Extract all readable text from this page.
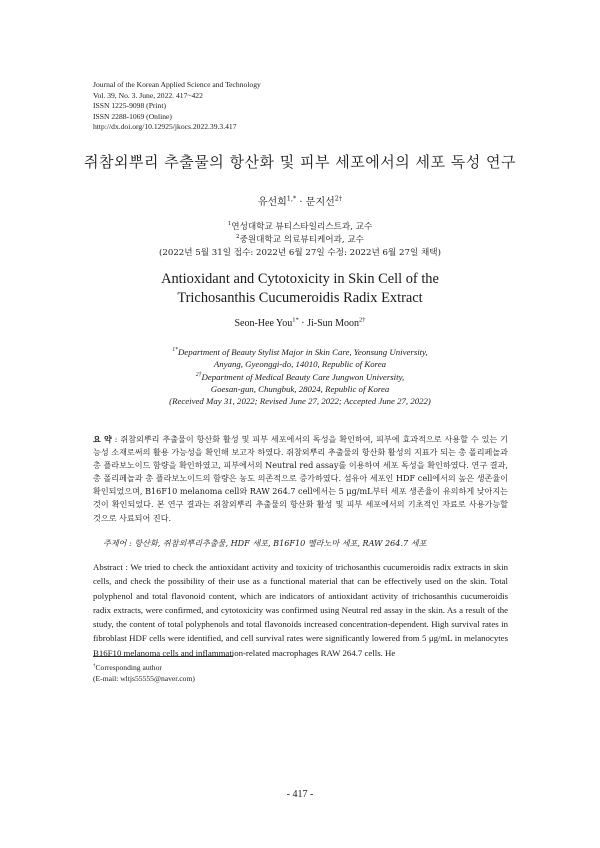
Journal of the Korean Applied Science and Technology
Vol. 39, No. 3. June, 2022. 417~422
ISSN 1225-9098 (Print)
ISSN 2288-1069 (Online)
http://dx.doi.org/10.12925/jkocs.2022.39.3.417
쥐참외뿌리 추출물의 항산화 및 피부 세포에서의 세포 독성 연구
유선희$^{1,*}$ · 문지선$^{2\dagger}$
$^1$연성대학교 뷰티스타일리스트과, 교수
$^2$중원대학교 의료뷰티케어과, 교수
(2022년 5월 31일 접수: 2022년 6월 27일 수정: 2022년 6월 27일 채택)
Antioxidant and Cytotoxicity in Skin Cell of the
Trichosanthis Cucumeroidis Radix Extract
Seon-Hee You$^{1*}$ · Ji-Sun Moon$^{2\dagger}$
$^{1*}$Department of Beauty Stylist Major in Skin Care, Yeonsung University,
Anyang, Gyeonggi-do, 14010, Republic of Korea
$^{2\dagger}$Department of Medical Beauty Care Jungwon University,
Goesan-gun, Chungbuk, 28024, Republic of Korea
(Received May 31, 2022; Revised June 27, 2022; Accepted June 27, 2022)
요 약 : 쥐참외뿌리 추출물이 항산화 활성 및 피부 세포에서의 독성을 확인하여, 피부에 효과적으로 사용할 수 있는 기능성 소재로써의 활용 가능성을 확인해 보고자 하였다. 쥐참외뿌리 추출물의 항산화 활성의 지표가 되는 총 폴리페놀과 총 플라보노이드 함량을 확인하였고, 피부에서의 Neutral red assay를 이용하여 세포 독성을 확인하였다. 연구 결과, 총 폴리페놀과 총 플라보노이드의 함량은 농도 의존적으로 증가하였다. 섬유아 세포인 HDF cell에서의 높은 생존율이 확인되었으며, B16F10 melanoma cell와 RAW 264.7 cell에서는 5 μg/mL부터 세포 생존율이 유의하게 낮아지는 것이 확인되었다. 본 연구 결과는 쥐참외뿌리 추출물의 항산화 활성 및 피부 세포에서의 기초적인 자료로 사용가능할 것으로 사료되어 진다.
주제어 : 항산화, 쥐참외뿌리추출물, HDF 세포, B16F10 멜라노마 세포, RAW 264.7 세포
Abstract : We tried to check the antioxidant activity and toxicity of trichosanthis cucumeroidis radix extracts in skin cells, and check the possibility of their use as a functional material that can be effectively used on the skin. Total polyphenol and total flavonoid content, which are indicators of antioxidant activity of trichosanthis cucumeroidis radix extracts, were confirmed, and cytotoxicity was confirmed using Neutral red assay in the skin. As a result of the study, the content of total polyphenols and total flavonoids increased concentration-dependent. High survival rates in fibroblast HDF cells were identified, and cell survival rates were significantly lowered from 5 μg/mL in melanocytes B16F10 melanoma cells and inflammation-related macrophages RAW 264.7 cells. He
†Corresponding author
(E-mail: wltjs55555@naver.com)
- 417 -
